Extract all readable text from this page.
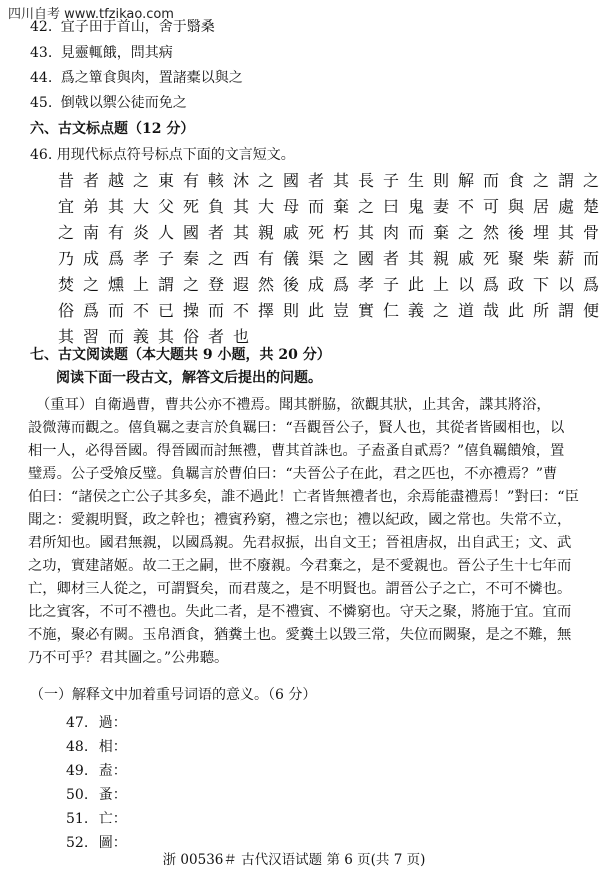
四川自考 www.tfzikao.com
42. 宜子田于首山，舍于翳桑
43. 見靈輒餓，問其病
44. 爲之簞食與肉，置諸橐以與之
45. 倒戟以禦公徒而免之
六、古文标点题（12 分）
46. 用现代标点符号标点下面的文言短文。
昔 者 越 之 東 有 輆 沐 之 國 者 其 長 子 生 則 解 而 食 之 謂 之
宜 弟 其 大 父 死 負 其 大 母 而 棄 之 曰 鬼 妻 不 可 與 居 處 楚
之 南 有 炎 人 國 者 其 親 戚 死 朽 其 肉 而 棄 之 然 後 埋 其 骨
乃 成 爲 孝 子 秦 之 西 有 儀 渠 之 國 者 其 親 戚 死 聚 柴 薪 而
焚 之 燻 上 謂 之 登 遐 然 後 成 爲 孝 子 此 上 以 爲 政 下 以 爲
俗 爲 而 不 已 操 而 不 擇 則 此 豈 實 仁 義 之 道 哉 此 所 謂 便
其 習 而 義 其 俗 者 也
七、古文阅读题（本大题共 9 小题，共 20 分）
阅读下面一段古文，解答文后提出的问题。
（重耳）自衛過曹，曹共公亦不禮焉。聞其骿脇，欲觀其狀，止其舍，諜其將浴，
設微薄而觀之。僖負羈之妻言於負羈曰：“吾觀晉公子，賢人也，其從者皆國相也，以
相一人，必得晉國。得晉國而討無禮，曹其首誅也。子盍蚤自貳焉？”僖負羈饋飧，置
璧焉。公子受飧反璧。負羈言於曹伯曰：“夫晉公子在此，君之匹也，不亦禮焉？”曹
伯曰：“諸侯之亡公子其多矣，誰不過此！亡者皆無禮者也，余焉能盡禮焉！”對曰：“臣
聞之：愛親明賢，政之幹也；禮賓矜窮，禮之宗也；禮以紀政，國之常也。失常不立，
君所知也。國君無親，以國爲親。先君叔振，出自文王；晉祖唐叔，出自武王；文、武
之功，實建諸姬。故二王之嗣，世不廢親。今君棄之，是不愛親也。晉公子生十七年而
亡，卿材三人從之，可謂賢矣，而君蔑之，是不明賢也。謂晉公子之亡，不可不憐也。
比之賓客，不可不禮也。失此二者，是不禮賓、不憐窮也。守天之聚，將施于宜。宜而
不施，聚必有闕。玉帛酒食，猶糞土也。愛糞土以毀三常，失位而闕聚，是之不難，無
乃不可乎？君其圖之。”公弗聽。
（一）解释文中加着重号词语的意义。（6 分）
47. 過：
48. 相：
49. 盍：
50. 蚤：
51. 亡：
52. 圖：
浙 00536＃ 古代汉语试题 第 6 页(共 7 页)
